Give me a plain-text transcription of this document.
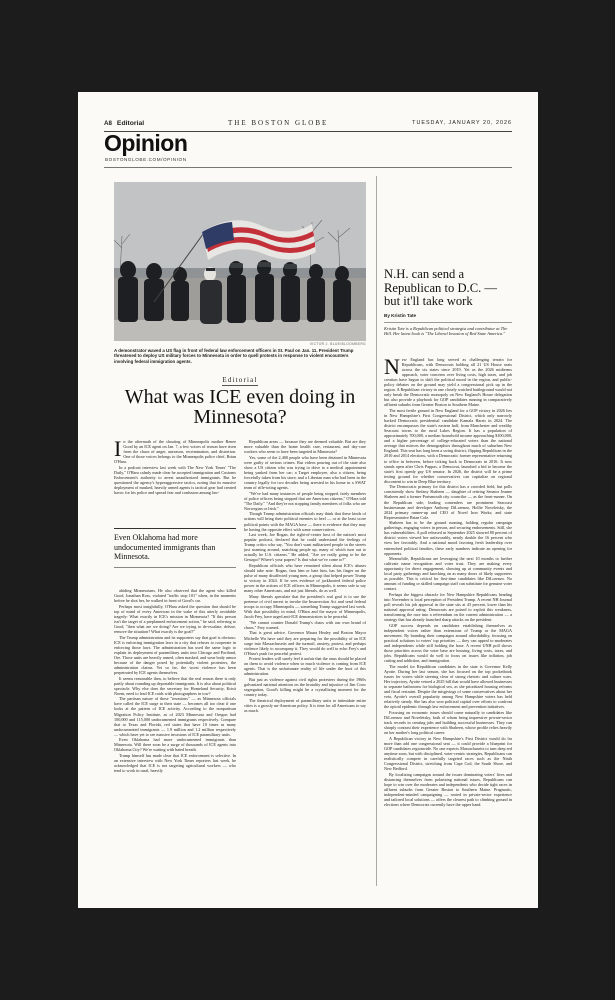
A8 Editorial	THE BOSTON GLOBE	TUESDAY, JANUARY 20, 2026
Opinion
BOSTONGLOBE.COM/OPINION
VICTOR J. BLUE/BLOOMBERG
A demonstrator waved a US flag in front of federal law enforcement officers in St. Paul on Jan. 11. President Trump threatened to deploy US military forces to Minnesota in order to quell protests in response to violent encounters involving federal immigration agents.
Editorial
What was ICE even doing in Minnesota?

In the aftermath of the shooting of Minneapolis mother Renee Good by an ICE agent on Jan. 7, a few voices of reason have risen from the chaos of anger, unreason, recrimination, and distortion. One of those voices belongs to the Minneapolis police chief, Brian O'Hara.

In a podcast interview last week with The New York Times' "The Daily," O'Hara calmly made clear he accepted immigration and Customs Enforcement's authority to arrest unauthorized immigrants. But he questioned the agency's hyperaggressive tactics, noting that its massive deployment of masked, heavily armed agents is tactical gear had created havoc for his police and spread fear and confusion among law-

Even Oklahoma had more undocumented immigrants than Minnesota.

abiding Minnesotans. He also observed that the agent who killed Good, Jonathan Ross, violated "traffic stop 101" when, in the moments before he shot her, he walked in front of Good's car.

Perhaps most insightfully, O'Hara asked the question that should be top of mind of every American in the wake of this utterly avoidable tragedy: What exactly in ICE's mission in Minnesota? "If this person isn't the target of a preplanned enforcement action," he said, referring to Good, "then what are we doing? Are we trying to de-escalate, defuse, remove the situation? What exactly is the goal?"

The Trump administration and its supporters say that goal is obvious: ICE is enforcing immigration laws in a city that refuses to cooperate in enforcing those laws. The administration has used the same logic to explain its deployment of paramilitary units into Chicago and Portland, Ore. Those units are heavily armed, often masked, and wear body armor because of the danger posed by potentially violent protesters, the administration claims. Yet so far, the worst violence has been perpetrated by ICE agents themselves.

It seems reasonable then, to believe that the real reason there is only partly about rounding up deportable immigrants. It is also about political spectacle. Why else does the secretary for Homeland Security, Kristi Noem, need to lead ICE raids with photographers in tow?

The partisan nature of these "invasions" — as Minnesota officials have called the ICE surge to their state — becomes all too clear if one looks at the pattern of ICE activity. According to the nonpartisan Migration Policy Institute, as of 2023 Minnesota and Oregon had 100,000 and 115,000 undocumented immigrants respectively. Compare that to Texas and Florida, red states that have 10 times as many undocumented immigrants — 1.9 million and 1.2 million respectively — which have yet to see massive invasions of ICE paramilitary units.

Even Oklahoma had more undocumented immigrants than Minnesota. Will there soon be a surge of thousands of ICE agents into Oklahoma City? We're waiting with bated breath.

Trump himself has made clear that ICE enforcement is selective. In an extensive interview with New York Times reporters last week, he acknowledged that ICE is not targeting agricultural workers — who tend to work in rural, heavily

Republican areas — because they are deemed valuable. But are they more valuable than the home health care, restaurant, and day-care workers who seem to have been targeted in Minnesota?

Yes, some of the 2,400 people who have been detained in Minnesota were guilty of serious crimes. But videos pouring out of the state also show a US citizen who was trying to drive to a medical appointment being yanked from her car; a Target employee, also a citizen, being forcefully taken from his store; and a Liberian man who had been in the country legally for two decades being arrested in his home in a SWAT team of rifle-toting agents.

"We've had many instances of people being stopped, fairly members of police officers being stopped that are American citizens," O'Hara told "The Daily." "And they're not stopping family members of folks who are Norwegian or Irish."

Though Trump administration officials may think that these kinds of actions will bring their political enemies to heel — or at the least score political points with the MAGA base — there is evidence that they may be having the opposite effect with some conservatives.

Last week, Joe Rogan, the right-of-center host of the nation's most popular podcast, declared that he could understand the feelings of Trump critics who say, "You don't want militarized people in the streets just roaming around, snatching people up, many of which turn out to actually be U.S. citizens." He added, "Are we really going to be the Gestapo? Where's your papers? Is that what we've come to?"

Republican officials who have remained silent about ICE's abuses should take note. Rogan, fans him or hate him, has his finger on the pulse of many disaffected young men, a group that helped power Trump to victory in 2024. If he sees evidence of jackbooted federal police power in the actions of ICE officers in Minneapolis, it seems safe to say many other Americans, and not just liberals, do as well.

Many liberals speculate that the president's real goal is to use the pretense of civil unrest to invoke the Insurrection Act and send federal troops to occupy Minneapolis — something Trump suggested last week. With that possibility in mind, O'Hara and the mayor of Minneapolis, Jacob Frey, have urged anti-ICE demonstrators to be peaceful.

"We cannot counter Donald Trump's chaos with our own brand of chaos," Frey warned.

That is great advice. Governor Maura Healey and Boston Mayor Michelle Wu have said they are preparing for the possibility of an ICE surge into Massachusetts and the turmoil, anxiety, protest, and perhaps violence likely to accompany it. They would do well to echo Frey's and O'Hara's push for peaceful protest.

Protest leaders will surely feel it unfair that the onus should be placed on them to avoid violence when so much violence is coming from ICE agents. That is the unfortunate reality of life under the boot of this administration.

But just as violence against civil rights protesters during the 1960s galvanized national attention on the brutality and injustice of Jim Crow segregation, Good's killing might be a crystallizing moment for the country today.

The theatrical deployment of paramilitary units to intimidate entire cities is a grossly un-American policy. It is time for all Americans to say as much.

N.H. can send a Republican to D.C. — but it'll take work
By Kristin Tate
Kristin Tate is a Republican political strategist and contributor at The Hill. Her latest book is "The Liberal Invasion of Red State America."

New England has long served as challenging terrain for Republicans, with Democrats holding all 21 US House seats across the six states since 2019. Yet as the 2026 midterms approach, voter concerns over living costs, high taxes, and job creation have begun to shift the political mood in the region, and public-policy debates on the ground may yield a congressional pick up in the region. A Republican victory in one closely watched battleground would not only break the Democratic monopoly on New England's House delegation but also provide a playbook for GOP candidates running in comparatively affluent suburbs from Greater Boston to Southern Maine.

The most fertile ground in New England for a GOP victory in 2026 lies in New Hampshire's First Congressional District, which only narrowly backed Democratic presidential candidate Kamala Harris in 2024. The district encompasses the state's eastern half, from Manchester and wealthy Seacoast towns to the rural Lakes Region. It has a population of approximately 700,000, a median household income approaching $100,000, and a higher percentage of college-educated voters than the national average that mirrors the demographics throughout much of suburban New England. This seat has long been a swing district, flipping Republican in the 2010 and 2014 elections, with a Democratic former representative returning to office in between, before ticking back to Democrats in 2016. It now stands open after Chris Pappas, a Democrat, launched a bid to become the state's first openly gay US senator. In 2026, the district will be a prime testing ground for whether conservatives can capitalize on regional discontent to win in Deep Blue territory.

The Democratic primary for this district has a crowded field, but polls consistently show Stefany Shaheen — daughter of retiring Senator Jeanne Shaheen and a former Portsmouth city councilor — as the front-runner. On the Republican side, leading contenders are prominent Seacoast businessman and developer Anthony DiLorenzo, Hollie Noveletsky, the 2024 primary runner-up and CEO of Novel Iron Works; and state Representative Brian Cole.

Shaheen has to be the ground running, holding regular campaign gatherings, engaging voters in person, and securing endorsements. Still, she has vulnerabilities. A poll released in September 2025 showed 80 percent of district voters viewed her unfavorably, nearly double the 16 percent who view her favorably. And a national mood favoring fresh leadership over entrenched political families, these early numbers indicate an opening for opponents.

Meanwhile, Republicans are leveraging the next 10 months to further cultivate name recognition and voter trust. They are making every opportunity for direct engagement, showing up at community events and local party gatherings and knocking on as many doors of likely supporters as possible. This is critical for first-time candidates like DiLorenzo. No amount of funding or skilled campaign staff can substitute for genuine voter contact.

Perhaps the biggest obstacle for New Hampshire Republicans heading into November is local perception of President Trump. A recent NH Journal poll reveals his job approval in the state sits at 43 percent, lower than his national approval rating. Democrats are poised to exploit this weakness, transforming the race into a referendum on the current administration — a strategy that has already launched sharp attacks on the president.

GOP success depends on candidates establishing themselves as independent voices rather than extensions of Trump or the MAGA movement. By branding their campaigns around affordability, focusing on practical solutions to voters' top priorities — they can appeal to moderates and independents while still holding the base. A recent UNH poll shows those priorities across the voter base are housing, living costs, taxes, and jobs. Republicans would do well to focus on issues like inflation, job cutting and addiction, and immigration.

The model for Republican candidates in the state is Governor Kelly Ayotte. During her last season, she has focused on the top pocketbook issues for voters while steering clear of strong rhetoric and culture wars. Her trajectory, Ayotte vetoed a 2025 bill that would have allowed businesses to separate bathrooms for biological sex, as she prioritized housing reforms and fiscal restraint. Despite the misgivings of some conservatives about her veto, Ayotte's overall popularity among New Hampshire voters has held relatively steady. She has also won political capital over efforts to confront the opioid epidemic through law enforcement and prevention initiatives.

Focusing on economic issues should come naturally to candidates like DiLorenzo and Noveletsky, both of whom bring impressive private-sector track records in creating jobs and building successful businesses. They can sharply contrast their experience with Shaheen, whose profile relies heavily on her mother's long political career.

A Republican victory in New Hampshire's First District would do far more than add one congressional seat — it could provide a blueprint for GOP candidates regionwide. No one expects Massachusetts to turn deep red anytime soon, but with disciplined, voter-centric strategies, Republicans can realistically compete in carefully targeted races such as the Ninth Congressional District, stretching from Cape Cod, the South Shore, and New Bedford.

By localizing campaigns around the issues dominating voters' lives and distancing themselves from polarizing national issues, Republicans can hope to win over the moderates and independents who decide tight races in affluent suburbs from Greater Boston to Southern Maine. Pragmatic, independent-minded campaigning — rooted in private-sector experience and tailored local solutions — offers the clearest path to climbing ground in elections where Democrats currently have the upper hand.
